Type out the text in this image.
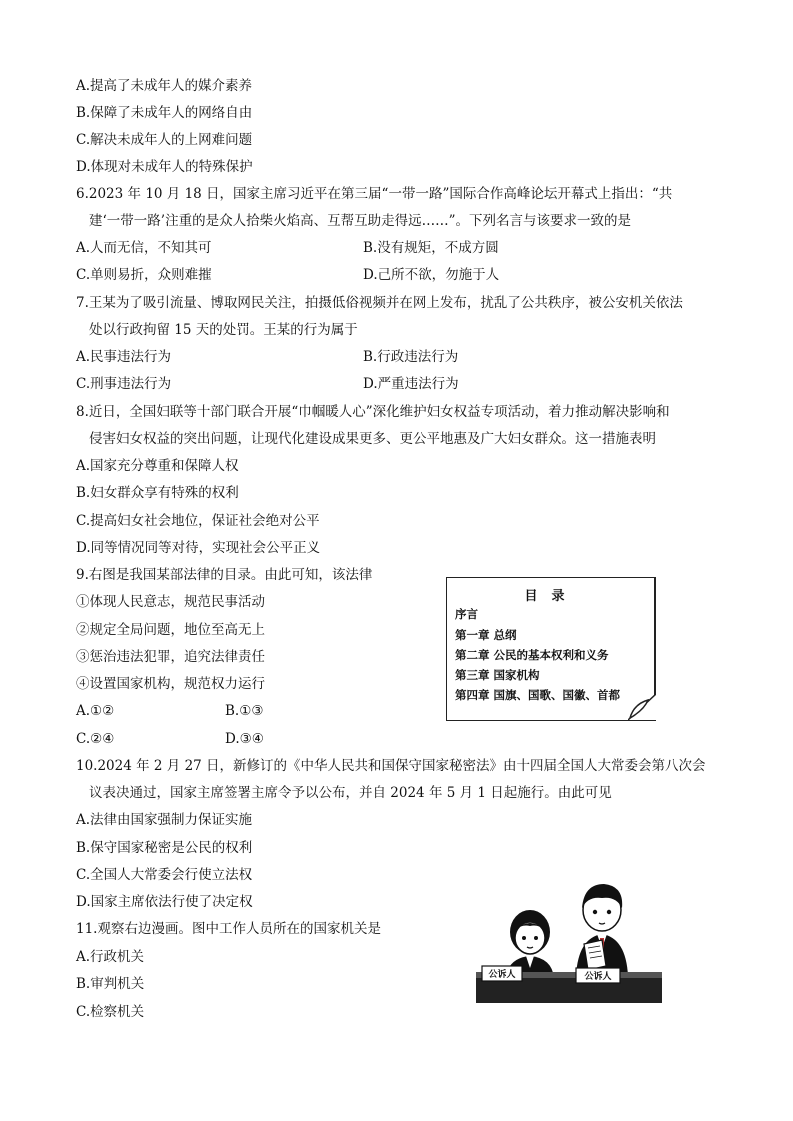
A.提高了未成年人的媒介素养
B.保障了未成年人的网络自由
C.解决未成年人的上网难问题
D.体现对未成年人的特殊保护
6.2023 年 10 月 18 日，国家主席习近平在第三届“一带一路”国际合作高峰论坛开幕式上指出：“共
建‘一带一路’注重的是众人拾柴火焰高、互帮互助走得远……”。下列名言与该要求一致的是
A.人而无信，不知其可	B.没有规矩，不成方圆
C.单则易折，众则难摧	D.己所不欲，勿施于人
7.王某为了吸引流量、博取网民关注，拍摄低俗视频并在网上发布，扰乱了公共秩序，被公安机关依法
处以行政拘留 15 天的处罚。王某的行为属于
A.民事违法行为	B.行政违法行为
C.刑事违法行为	D.严重违法行为
8.近日，全国妇联等十部门联合开展“巾帼暖人心”深化维护妇女权益专项活动，着力推动解决影响和
侵害妇女权益的突出问题，让现代化建设成果更多、更公平地惠及广大妇女群众。这一措施表明
A.国家充分尊重和保障人权
B.妇女群众享有特殊的权利
C.提高妇女社会地位，保证社会绝对公平
D.同等情况同等对待，实现社会公平正义
9.右图是我国某部法律的目录。由此可知，该法律
①体现人民意志，规范民事活动
②规定全局问题，地位至高无上
③惩治违法犯罪，追究法律责任
④设置国家机构，规范权力运行
A.①②	B.①③
C.②④	D.③④
目录
序言
第一章 总纲
第二章 公民的基本权利和义务
第三章 国家机构
第四章 国旗、国歌、国徽、首都
10.2024 年 2 月 27 日，新修订的《中华人民共和国保守国家秘密法》由十四届全国人大常委会第八次会
议表决通过，国家主席签署主席令予以公布，并自 2024 年 5 月 1 日起施行。由此可见
A.法律由国家强制力保证实施
B.保守国家秘密是公民的权利
C.全国人大常委会行使立法权
D.国家主席依法行使了决定权
11.观察右边漫画。图中工作人员所在的国家机关是
A.行政机关
B.审判机关
C.检察机关
公诉人	公诉人
